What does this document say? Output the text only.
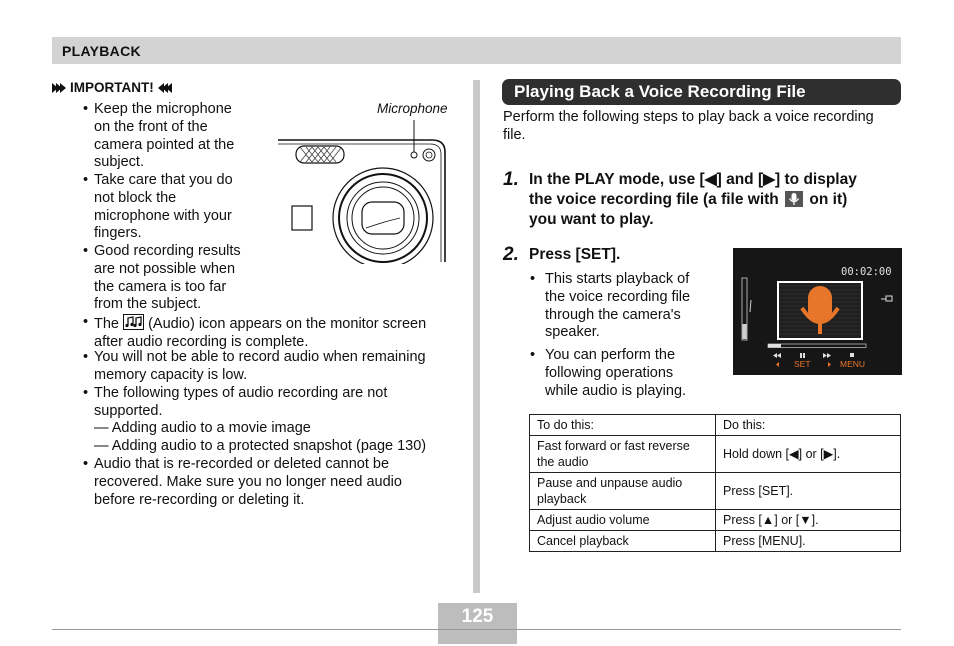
PLAYBACK
IMPORTANT!
• Keep the microphone
on the front of the
camera pointed at the
subject.
• Take care that you do
not block the
microphone with your
fingers.
• Good recording results
are not possible when
the camera is too far
from the subject.
• The (Audio) icon appears on the monitor screen
after audio recording is complete.
• You will not be able to record audio when remaining
memory capacity is low.
• The following types of audio recording are not
supported.
— Adding audio to a movie image
— Adding audio to a protected snapshot (page 130)
• Audio that is re-recorded or deleted cannot be
recovered. Make sure you no longer need audio
before re-recording or deleting it.
Microphone
Playing Back a Voice Recording File
Perform the following steps to play back a voice recording file.
1. In the PLAY mode, use [◀] and [▶] to display
the voice recording file (a file with on it)
you want to play.
2. Press [SET].
• This starts playback of
the voice recording file
through the camera's
speaker.
• You can perform the
following operations
while audio is playing.
00:02:00
SET	MENU
To do this:	Do this:

Fast forward or fast reverse
the audio	Hold down [◀] or [▶].

Pause and unpause audio
playback	Press [SET].
Adjust audio volume	Press [▲] or [▼].
Cancel playback	Press [MENU].
125
